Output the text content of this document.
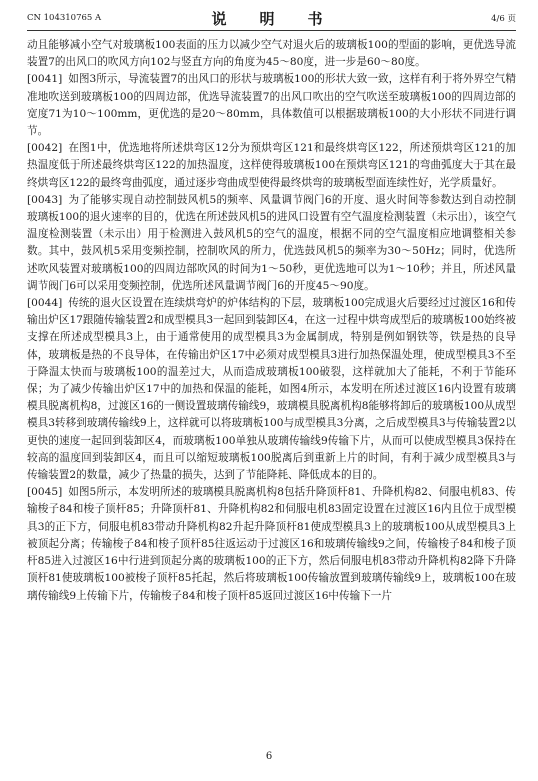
CN 104310765 A	说　明　书	4/6 页

动且能够减小空气对玻璃板100表面的压力以减少空气对退火后的玻璃板100的型面的影响，更优选导流装置7的出风口的吹风方向102与竖直方向的角度为45～80度，进一步是60～80度。

[0041] 如图3所示，导流装置7的出风口的形状与玻璃板100的形状大致一致，这样有利于将外界空气精准地吹送到玻璃板100的四周边部，优选导流装置7的出风口吹出的空气吹送至玻璃板100的四周边部的宽度71为10～100mm，更优选的是20～80mm，具体数值可以根据玻璃板100的大小形状不同进行调节。

[0042] 在图1中，优选地将所述烘弯区12分为预烘弯区121和最终烘弯区122，所述预烘弯区121的加热温度低于所述最终烘弯区122的加热温度，这样使得玻璃板100在预烘弯区121的弯曲弧度大于其在最终烘弯区122的最终弯曲弧度，通过逐步弯曲成型使得最终烘弯的玻璃板型面连续性好，光学质量好。

[0043] 为了能够实现自动控制鼓风机5的频率、风量调节阀门6的开度、退火时间等参数达到自动控制玻璃板100的退火速率的目的，优选在所述鼓风机5的进风口设置有空气温度检测装置（未示出），该空气温度检测装置（未示出）用于检测进入鼓风机5的空气的温度，根据不同的空气温度相应地调整相关参数。其中，鼓风机5采用变频控制，控制吹风的所力，优选鼓风机5的频率为30～50Hz；同时，优选所述吹风装置对玻璃板100的四周边部吹风的时间为1～50秒，更优选地可以为1～10秒；并且，所述风量调节阀门6可以采用变频控制，优选所述风量调节阀门6的开度45～90度。

[0044] 传统的退火区设置在连续烘弯炉的炉体结构的下层，玻璃板100完成退火后要经过过渡区16和传输出炉区17跟随传输装置2和成型模具3一起回到装卸区4，在这一过程中烘弯成型后的玻璃板100始终被支撑在所述成型模具3上，由于通常使用的成型模具3为金属制成，特别是例如钢铁等，铁是热的良导体，玻璃板是热的不良导体，在传输出炉区17中必须对成型模具3进行加热保温处理，使成型模具3不至于降温太快而与玻璃板100的温差过大，从而造成玻璃板100破裂，这样就加大了能耗，不利于节能环保；为了减少传输出炉区17中的加热和保温的能耗，如图4所示，本发明在所述过渡区16内设置有玻璃模具脱离机构8，过渡区16的一侧设置玻璃传输线9，玻璃模具脱离机构8能够将卸后的玻璃板100从成型模具3转移到玻璃传输线9上，这样就可以将玻璃板100与成型模具3分离，之后成型模具3与传输装置2以更快的速度一起回到装卸区4，而玻璃板100单独从玻璃传输线9传输下片，从而可以使成型模具3保持在较高的温度回到装卸区4，而且可以缩短玻璃板100脱离后到重新上片的时间，有利于减少成型模具3与传输装置2的数量，减少了热量的损失，达到了节能降耗、降低成本的目的。

[0045] 如图5所示，本发明所述的玻璃模具脱离机构8包括升降顶杆81、升降机构82、伺服电机83、传输梭子84和梭子顶杆85；升降顶杆81、升降机构82和伺服电机83固定设置在过渡区16内且位于成型模具3的正下方，伺服电机83带动升降机构82升起升降顶杆81使成型模具3上的玻璃板100从成型模具3上被顶起分离；传输梭子84和梭子顶杆85往返运动于过渡区16和玻璃传输线9之间，传输梭子84和梭子顶杆85进入过渡区16中行进到顶起分离的玻璃板100的正下方，然后伺服电机83带动升降机构82降下升降顶杆81使玻璃板100被梭子顶杆85托起，然后将玻璃板100传输放置到玻璃传输线9上，玻璃板100在玻璃传输线9上传输下片，传输梭子84和梭子顶杆85返回过渡区16中传输下一片

6
